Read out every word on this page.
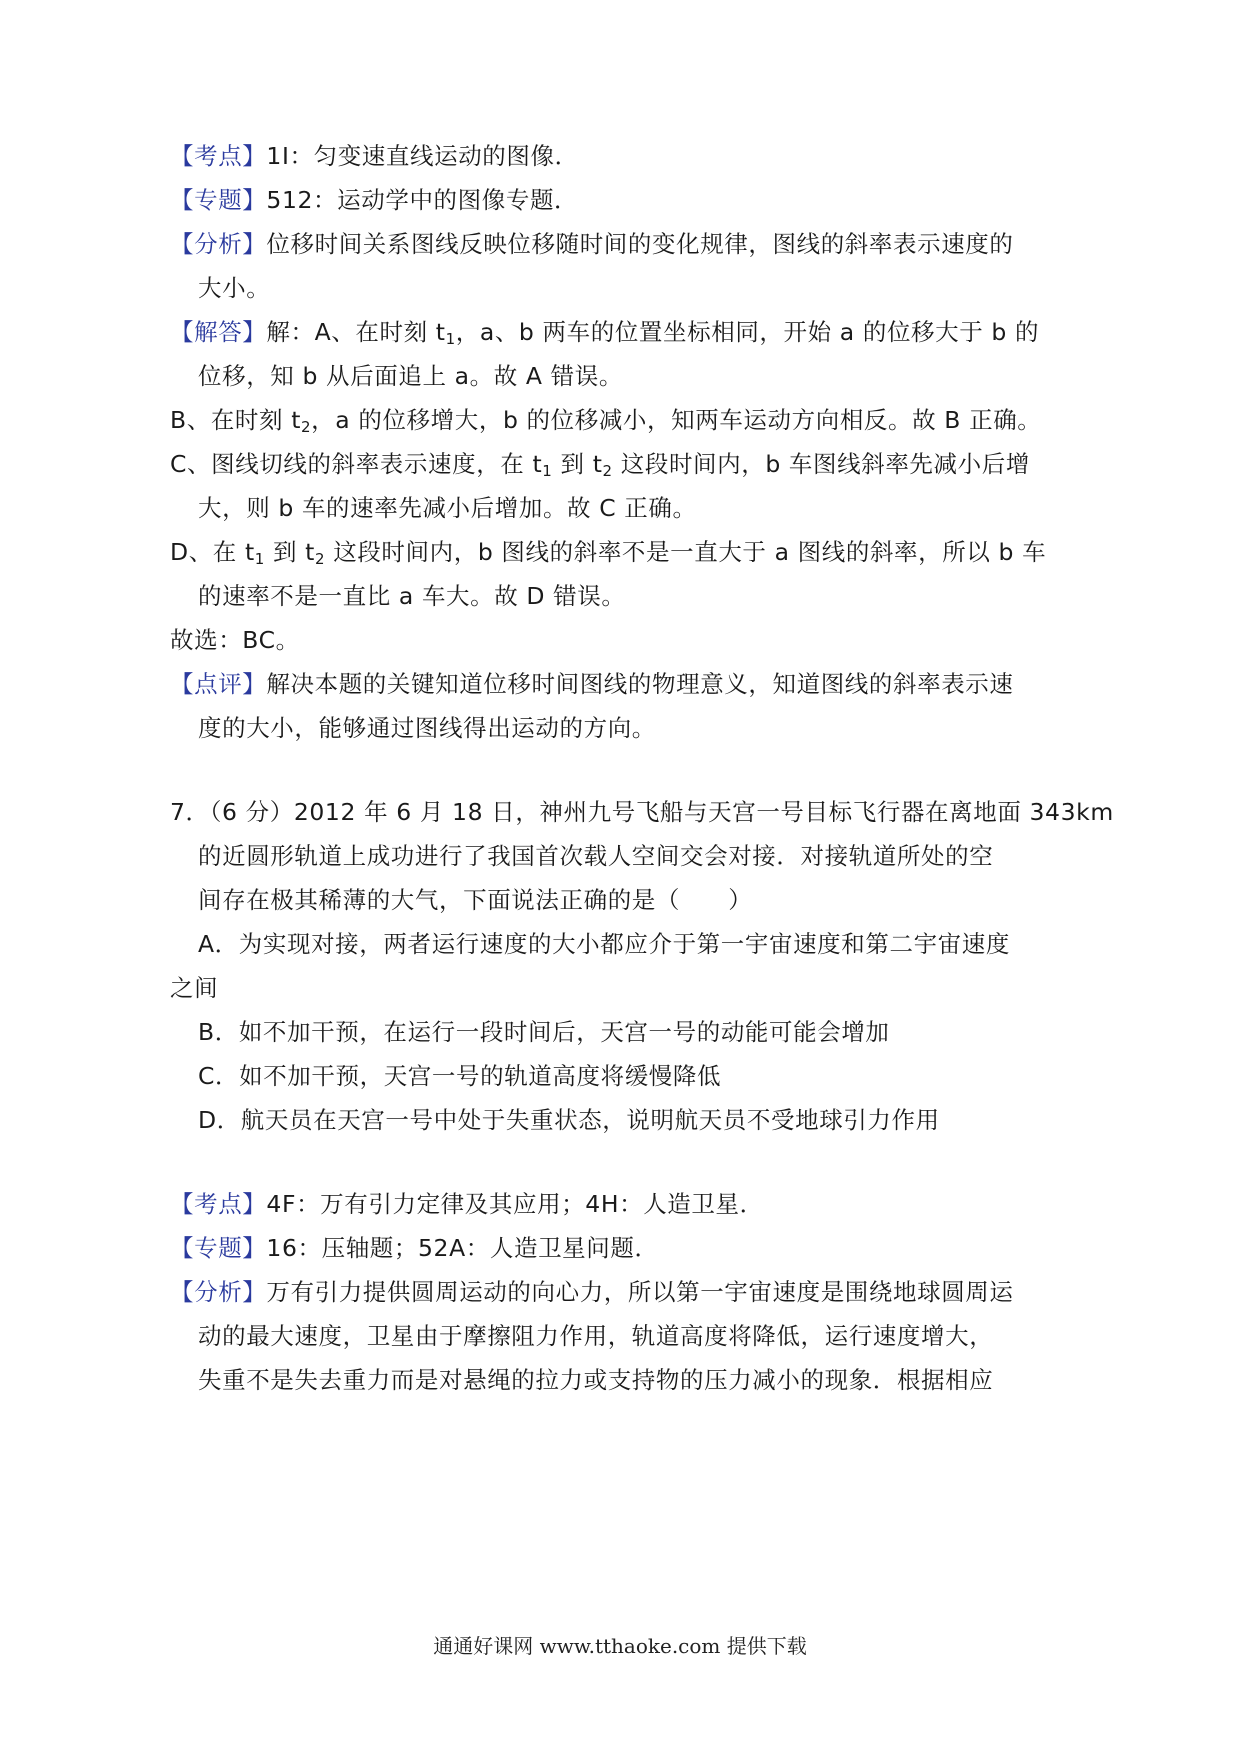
【考点】1I：匀变速直线运动的图像．
【专题】512：运动学中的图像专题．
【分析】位移时间关系图线反映位移随时间的变化规律，图线的斜率表示速度的
大小。
【解答】解：A、在时刻 $t_1$，a、b 两车的位置坐标相同，开始 a 的位移大于 b 的
位移，知 b 从后面追上 a。故 A 错误。
B、在时刻 $t_2$，a 的位移增大，b 的位移减小，知两车运动方向相反。故 B 正确。
C、图线切线的斜率表示速度，在 $t_1$ 到 $t_2$ 这段时间内，b 车图线斜率先减小后增
大，则 b 车的速率先减小后增加。故 C 正确。
D、在 $t_1$ 到 $t_2$ 这段时间内，b 图线的斜率不是一直大于 a 图线的斜率，所以 b 车
的速率不是一直比 a 车大。故 D 错误。
故选：BC。
【点评】解决本题的关键知道位移时间图线的物理意义，知道图线的斜率表示速
度的大小，能够通过图线得出运动的方向。
7．（6 分）2012 年 6 月 18 日，神州九号飞船与天宫一号目标飞行器在离地面 343km
的近圆形轨道上成功进行了我国首次载人空间交会对接．对接轨道所处的空
间存在极其稀薄的大气，下面说法正确的是（　　）
A．为实现对接，两者运行速度的大小都应介于第一宇宙速度和第二宇宙速度
之间
B．如不加干预，在运行一段时间后，天宫一号的动能可能会增加
C．如不加干预，天宫一号的轨道高度将缓慢降低
D．航天员在天宫一号中处于失重状态，说明航天员不受地球引力作用
【考点】4F：万有引力定律及其应用；4H：人造卫星．
【专题】16：压轴题；52A：人造卫星问题．
【分析】万有引力提供圆周运动的向心力，所以第一宇宙速度是围绕地球圆周运
动的最大速度，卫星由于摩擦阻力作用，轨道高度将降低，运行速度增大，
失重不是失去重力而是对悬绳的拉力或支持物的压力减小的现象．根据相应
通通好课网 www.tthaoke.com 提供下载
